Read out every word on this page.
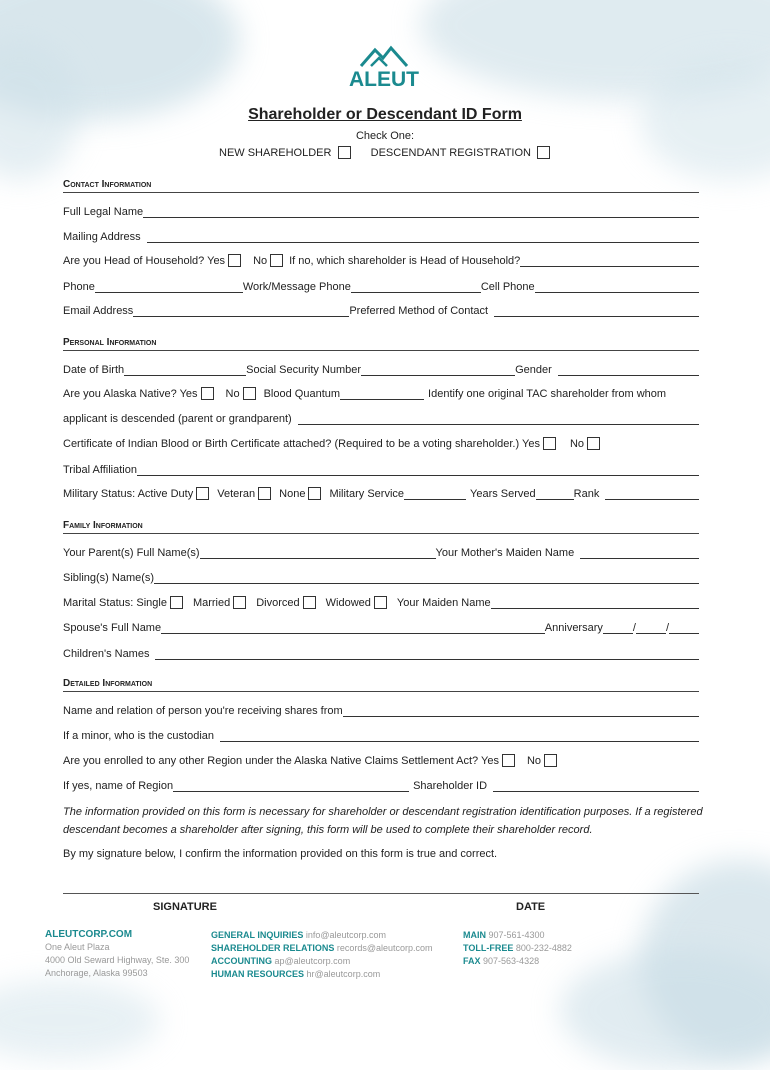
ALEUT
Shareholder or Descendant ID Form
Check One:
NEW SHAREHOLDER	DESCENDANT REGISTRATION
Contact Information
Full Legal Name
Mailing Address
Are you Head of Household? Yes	No If no, which shareholder is Head of Household?
Phone	Work/Message Phone	Cell Phone
Email Address	Preferred Method of Contact
Personal Information
Date of Birth	Social Security Number	Gender
Are you Alaska Native? Yes	No Blood Quantum	Identify one original TAC shareholder from whom
applicant is descended (parent or grandparent)
Certificate of Indian Blood or Birth Certificate attached? (Required to be a voting shareholder.) Yes	No
Tribal Affiliation
Military Status: Active Duty Veteran None Military Service	Years Served	Rank
Family Information
Your Parent(s) Full Name(s)	Your Mother's Maiden Name
Sibling(s) Name(s)
Marital Status: Single Married Divorced Widowed Your Maiden Name
Spouse's Full Name	Anniversary	/	/
Children's Names
Detailed Information
Name and relation of person you're receiving shares from
If a minor, who is the custodian
Are you enrolled to any other Region under the Alaska Native Claims Settlement Act? Yes	No
If yes, name of Region	Shareholder ID
The information provided on this form is necessary for shareholder or descendant registration identification purposes. If a registered descendant becomes a shareholder after signing, this form will be used to complete their shareholder record.
By my signature below, I confirm the information provided on this form is true and correct.
SIGNATURE	DATE
ALEUTCORP.COM
One Aleut Plaza
4000 Old Seward Highway, Ste. 300
Anchorage, Alaska 99503
GENERAL INQUIRIES info@aleutcorp.com
SHAREHOLDER RELATIONS records@aleutcorp.com
ACCOUNTING ap@aleutcorp.com
HUMAN RESOURCES hr@aleutcorp.com
MAIN 907-561-4300
TOLL-FREE 800-232-4882
FAX 907-563-4328
